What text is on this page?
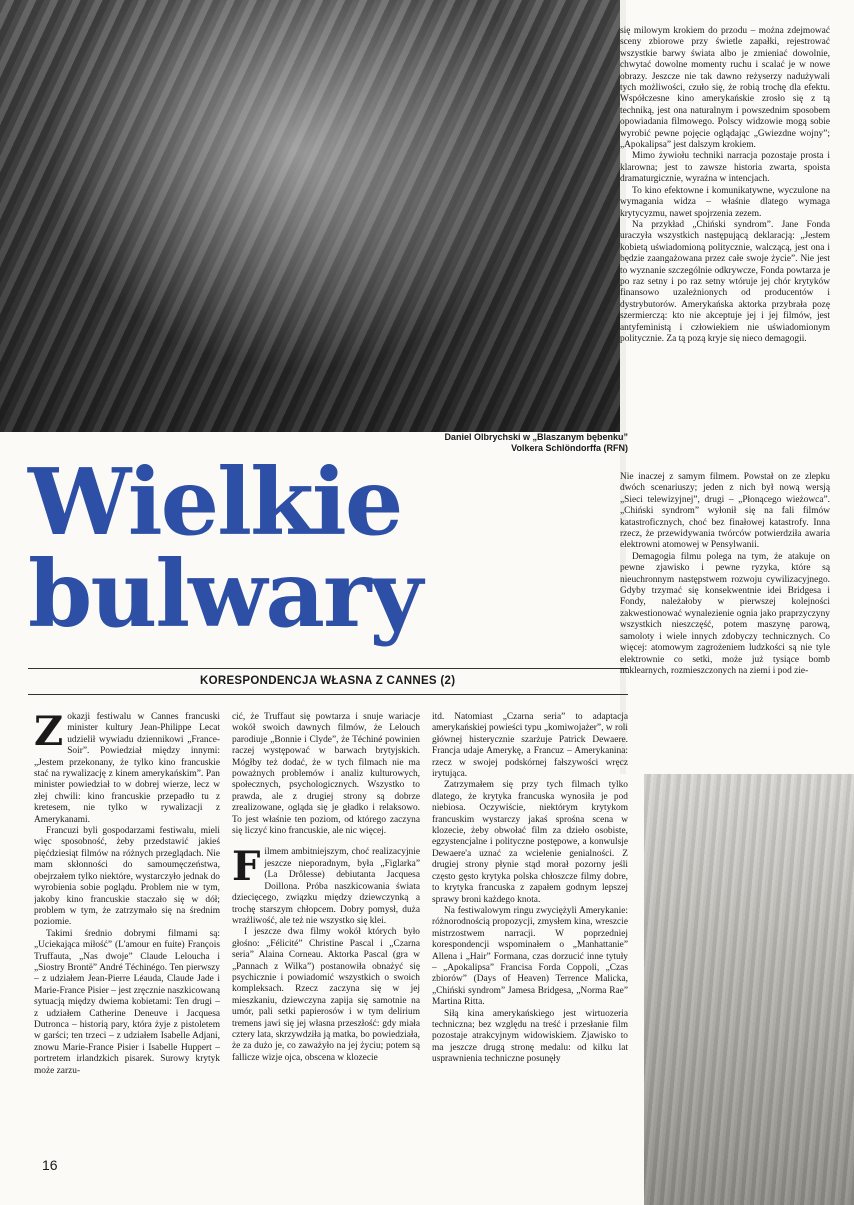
Daniel Olbrychski w „Blaszanym bębenku”
Volkera Schlöndorffa (RFN)
Wielkie
bulwary
KORESPONDENCJA WŁASNA Z CANNES (2)

Zokazji festiwalu w Cannes francuski minister kultury Jean-Philippe Lecat udzielił wywiadu dziennikowi „France-Soir”. Powiedział między innymi: „Jestem przekonany, że tylko kino francuskie stać na rywalizację z kinem amerykańskim”. Pan minister powiedział to w dobrej wierze, lecz w złej chwili: kino francuskie przepadło tu z kretesem, nie tylko w rywalizacji z Amerykanami.

Francuzi byli gospodarzami festiwalu, mieli więc sposobność, żeby przedstawić jakieś pięćdziesiąt filmów na różnych przeglądach. Nie mam skłonności do samoumęczeństwa, obejrzałem tylko niektóre, wystarczyło jednak do wyrobienia sobie poglądu. Problem nie w tym, jakoby kino francuskie staczało się w dół; problem w tym, że zatrzymało się na średnim poziomie.

Takimi średnio dobrymi filmami są: „Uciekająca miłość” (L'amour en fuite) François Truffauta, „Nas dwoje” Claude Leloucha i „Siostry Brontë” André Téchinégo. Ten pierwszy – z udziałem Jean-Pierre Léauda, Claude Jade i Marie-France Pisier – jest zręcznie naszkicowaną sytuacją między dwiema kobietami: Ten drugi – z udziałem Catherine Deneuve i Jacquesa Dutronca – historią pary, która żyje z pistoletem w garści; ten trzeci – z udziałem Isabelle Adjani, znowu Marie-France Pisier i Isabelle Huppert – portretem irlandzkich pisarek. Surowy krytyk może zarzu-

cić, że Truffaut się powtarza i snuje wariacje wokół swoich dawnych filmów, że Lelouch parodiuje „Bonnie i Clyde”, że Téchiné powinien raczej występować w barwach brytyjskich. Mógłby też dodać, że w tych filmach nie ma poważnych problemów i analiz kulturowych, społecznych, psychologicznych. Wszystko to prawda, ale z drugiej strony są dobrze zrealizowane, ogląda się je gładko i relaksowo. To jest właśnie ten poziom, od którego zaczyna się liczyć kino francuskie, ale nic więcej.

Filmem ambitniejszym, choć realizacyjnie jeszcze nieporadnym, była „Figlarka” (La Drôlesse) debiutanta Jacquesa Doillona. Próba naszkicowania świata dziecięcego, związku między dziewczynką a trochę starszym chłopcem. Dobry pomysł, duża wrażliwość, ale też nie wszystko się klei.

I jeszcze dwa filmy wokół których było głośno: „Félicité” Christine Pascal i „Czarna seria” Alaina Corneau. Aktorka Pascal (gra w „Pannach z Wilka”) postanowiła obnażyć się psychicznie i powiadomić wszystkich o swoich kompleksach. Rzecz zaczyna się w jej mieszkaniu, dziewczyna zapija się samotnie na umór, pali setki papierosów i w tym delirium tremens jawi się jej własna przeszłość: gdy miała cztery lata, skrzywdziła ją matka, bo powiedziała, że za dużo je, co zaważyło na jej życiu; potem są fallicze wizje ojca, obscena w klozecie

itd. Natomiast „Czarna seria” to adaptacja amerykańskiej powieści typu „komiwojażer”, w roli głównej histerycznie szarżuje Patrick Dewaere. Francja udaje Amerykę, a Francuz – Amerykanina: rzecz w swojej podskórnej fałszywości wręcz irytująca.

Zatrzymałem się przy tych filmach tylko dlatego, że krytyka francuska wynosiła je pod niebiosa. Oczywiście, niektórym krytykom francuskim wystarczy jakaś sprośna scena w klozecie, żeby obwołać film za dzieło osobiste, egzystencjalne i polityczne postępowe, a konwulsje Dewaere'a uznać za wcielenie genialności. Z drugiej strony płynie stąd morał pozorny jeśli często gęsto krytyka polska chłoszcze filmy dobre, to krytyka francuska z zapałem godnym lepszej sprawy broni każdego knota.

Na festiwalowym ringu zwyciężyli Amerykanie: różnorodnością propozycji, zmysłem kina, wreszcie mistrzostwem narracji. W poprzedniej korespondencji wspominałem o „Manhattanie” Allena i „Hair” Formana, czas dorzucić inne tytuły – „Apokalipsa” Francisa Forda Coppoli, „Czas zbiorów” (Days of Heaven) Terrence Malicka, „Chiński syndrom” Jamesa Bridgesa, „Norma Rae” Martina Ritta.

Siłą kina amerykańskiego jest wirtuozeria techniczna; bez względu na treść i przesłanie film pozostaje atrakcyjnym widowiskiem. Zjawisko to ma jeszcze drugą stronę medalu: od kilku lat usprawnienia techniczne posunęły

się milowym krokiem do przodu – można zdejmować sceny zbiorowe przy świetle zapałki, rejestrować wszystkie barwy świata albo je zmieniać dowolnie, chwytać dowolne momenty ruchu i scalać je w nowe obrazy. Jeszcze nie tak dawno reżyserzy nadużywali tych możliwości, czuło się, że robią trochę dla efektu. Współczesne kino amerykańskie zrosło się z tą techniką, jest ona naturalnym i powszednim sposobem opowiadania filmowego. Polscy widzowie mogą sobie wyrobić pewne pojęcie oglądając „Gwiezdne wojny”; „Apokalipsa” jest dalszym krokiem.

Mimo żywiołu techniki narracja pozostaje prosta i klarowna; jest to zawsze historia zwarta, spoista dramaturgicznie, wyraźna w intencjach.

To kino efektowne i komunikatywne, wyczulone na wymagania widza – właśnie dlatego wymaga krytycyzmu, nawet spojrzenia zezem.

Na przykład „Chiński syndrom”. Jane Fonda uraczyła wszystkich następującą deklaracją: „Jestem kobietą uświadomioną politycznie, walczącą, jest ona i będzie zaangażowana przez całe swoje życie”. Nie jest to wyznanie szczególnie odkrywcze, Fonda powtarza je po raz setny i po raz setny wtóruje jej chór krytyków finansowo uzależnionych od producentów i dystrybutorów. Amerykańska aktorka przybrała pozę szermierczą: kto nie akceptuje jej i jej filmów, jest antyfeministą i człowiekiem nie uświadomionym politycznie. Za tą pozą kryje się nieco demagogii.

Nie inaczej z samym filmem. Powstał on ze zlepku dwóch scenariuszy; jeden z nich był nową wersją „Sieci telewizyjnej”, drugi – „Płonącego wieżowca”. „Chiński syndrom” wyłonił się na fali filmów katastroficznych, choć bez finałowej katastrofy. Inna rzecz, że przewidywania twórców potwierdziła awaria elektrowni atomowej w Pensylwanii.

Demagogia filmu polega na tym, że atakuje on pewne zjawisko i pewne ryzyka, które są nieuchronnym następstwem rozwoju cywilizacyjnego. Gdyby trzymać się konsekwentnie idei Bridgesa i Fondy, należałoby w pierwszej kolejności zakwestionować wynalezienie ognia jako praprzyczyny wszystkich nieszczęść, potem maszynę parową, samoloty i wiele innych zdobyczy technicznych. Co więcej: atomowym zagrożeniem ludzkości są nie tyle elektrownie co setki, może już tysiące bomb nuklearnych, rozmieszczonych na ziemi i pod zie-

16
